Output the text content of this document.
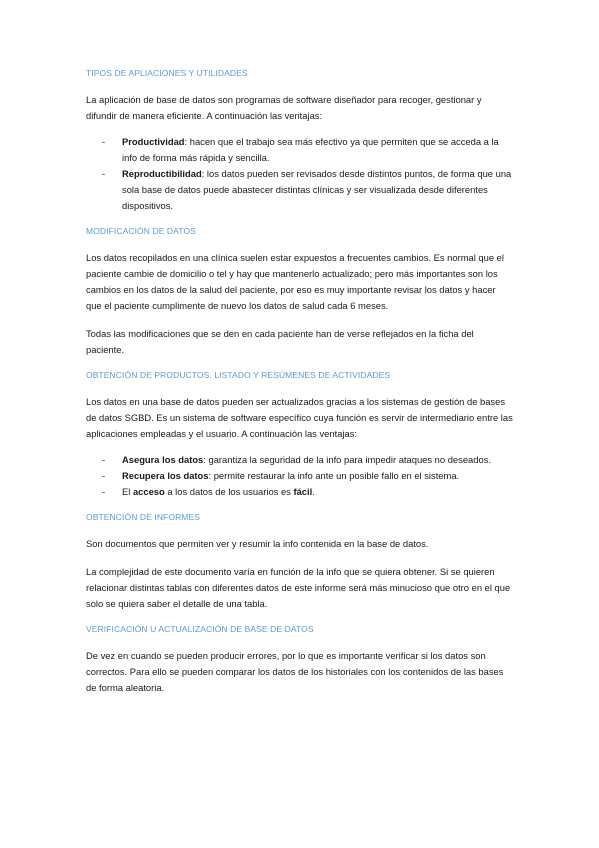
TIPOS DE APLIACIONES Y UTILIDADES

La aplicación de base de datos son programas de software diseñador para recoger, gestionar y difundir de manera eficiente. A continuación las ventajas:

- Productividad: hacen que el trabajo sea más efectivo ya que permiten que se acceda a la info de forma más rápida y sencilla.
- Reproductibilidad: los datos pueden ser revisados desde distintos puntos, de forma que una sola base de datos puede abastecer distintas clínicas y ser visualizada desde diferentes dispositivos.
MODIFICACIÓN DE DATOS

Los datos recopilados en una clínica suelen estar expuestos a frecuentes cambios. Es normal que el paciente cambie de domicilio o tel y hay que mantenerlo actualizado; pero más importantes son los cambios en los datos de la salud del paciente, por eso es muy importante revisar los datos y hacer que el paciente cumplimente de nuevo los datos de salud cada 6 meses.

Todas las modificaciones que se den en cada paciente han de verse reflejados en la ficha del paciente.

OBTENCIÓN DE PRODUCTOS. LISTADO Y RESÚMENES DE ACTIVIDADES

Los datos en una base de datos pueden ser actualizados gracias a los sistemas de gestión de bases de datos SGBD. Es un sistema de software específico cuya función es servir de intermediario entre las aplicaciones empleadas y el usuario. A continuación las ventajas:

- Asegura los datos: garantiza la seguridad de la info para impedir ataques no deseados.
- Recupera los datos: permite restaurar la info ante un posible fallo en el sistema.
- El acceso a los datos de los usuarios es fácil.
OBTENCIÓN DE INFORMES

Son documentos que permiten ver y resumir la info contenida en la base de datos.

La complejidad de este documento varía en función de la info que se quiera obtener. Si se quieren relacionar distintas tablas con diferentes datos de este informe será más minucioso que otro en el que solo se quiera saber el detalle de una tabla.

VERIFICACIÓN U ACTUALIZACIÓN DE BASE DE DATOS

De vez en cuando se pueden producir errores, por lo que es importante verificar si los datos son correctos. Para ello se pueden comparar los datos de los historiales con los contenidos de las bases de forma aleatoria.
